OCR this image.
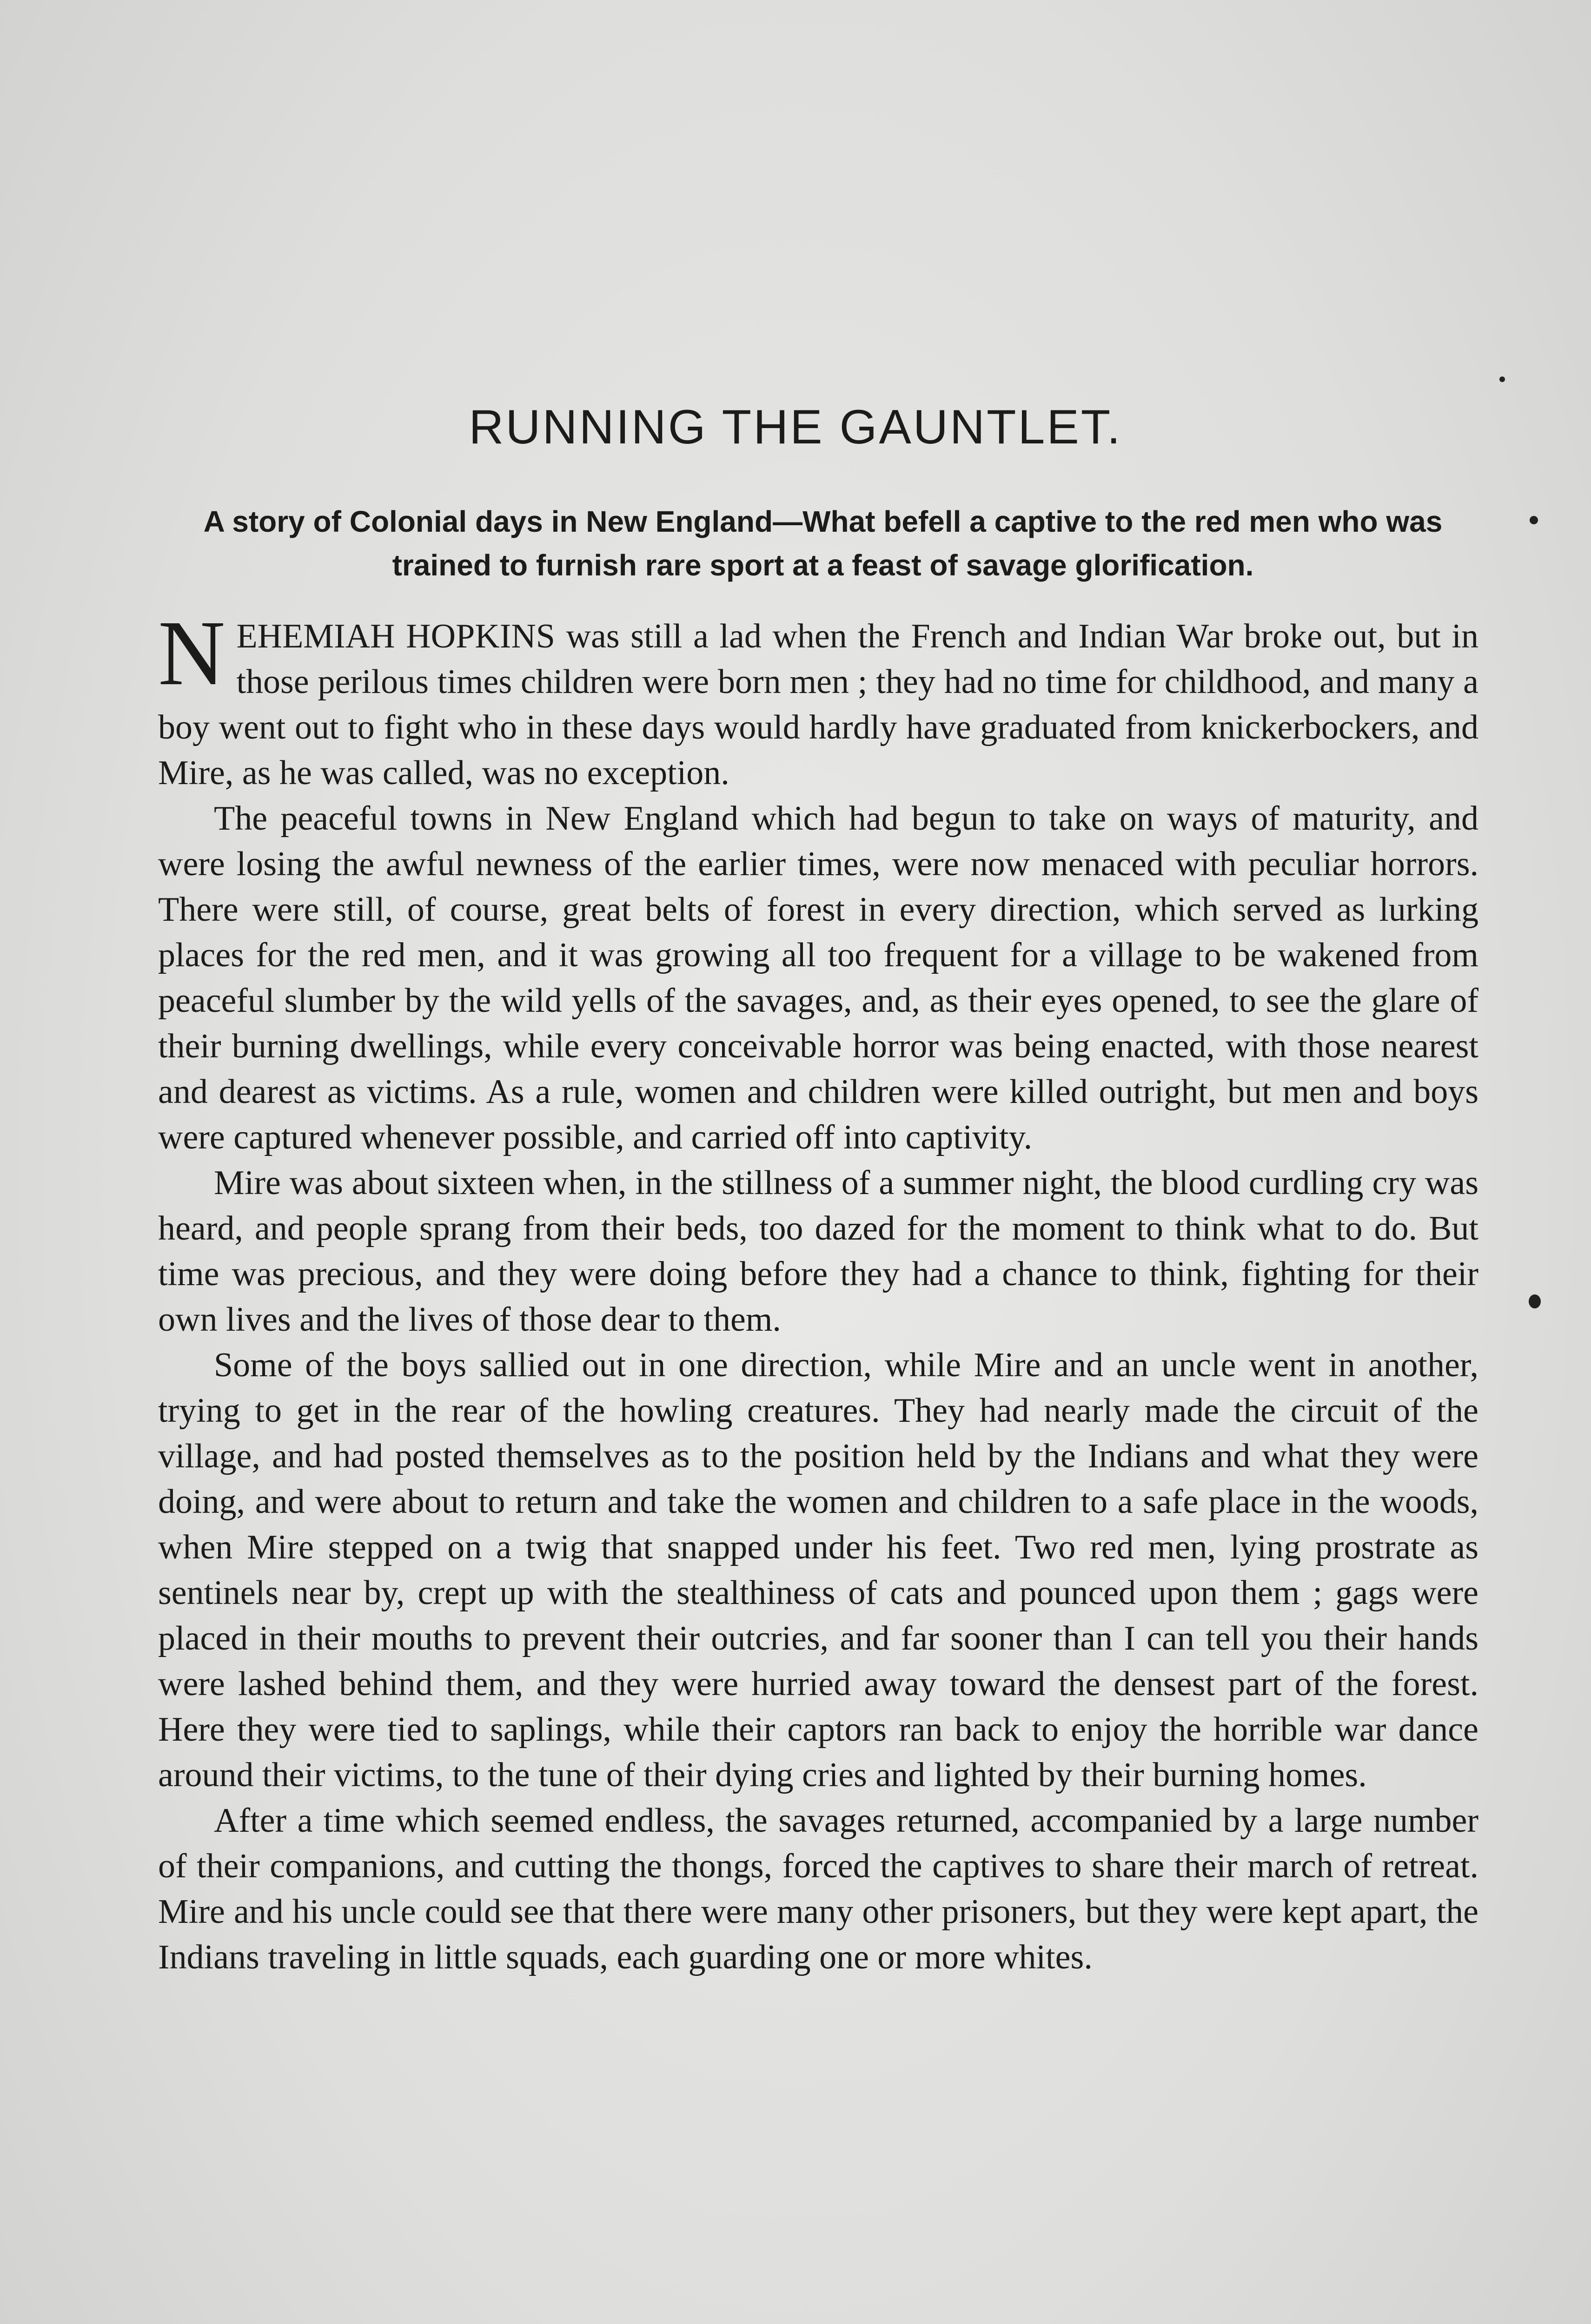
RUNNING THE GAUNTLET.
A story of Colonial days in New England—What befell a captive to the red men who was trained to furnish rare sport at a feast of savage glorification.

NEHEMIAH HOPKINS was still a lad when the French and Indian War broke out, but in those perilous times children were born men ; they had no time for childhood, and many a boy went out to fight who in these days would hardly have graduated from knickerbockers, and Mire, as he was called, was no exception.

The peaceful towns in New England which had begun to take on ways of maturity, and were losing the awful newness of the earlier times, were now menaced with peculiar horrors. There were still, of course, great belts of forest in every direction, which served as lurking places for the red men, and it was growing all too frequent for a village to be wakened from peaceful slumber by the wild yells of the savages, and, as their eyes opened, to see the glare of their burning dwellings, while every conceivable horror was being enacted, with those nearest and dearest as victims. As a rule, women and children were killed outright, but men and boys were captured whenever possible, and carried off into captivity.

Mire was about sixteen when, in the stillness of a summer night, the blood curdling cry was heard, and people sprang from their beds, too dazed for the moment to think what to do. But time was precious, and they were doing before they had a chance to think, fighting for their own lives and the lives of those dear to them.

Some of the boys sallied out in one direction, while Mire and an uncle went in another, trying to get in the rear of the howling creatures. They had nearly made the circuit of the village, and had posted themselves as to the position held by the Indians and what they were doing, and were about to return and take the women and children to a safe place in the woods, when Mire stepped on a twig that snapped under his feet. Two red men, lying prostrate as sentinels near by, crept up with the stealthiness of cats and pounced upon them ; gags were placed in their mouths to prevent their outcries, and far sooner than I can tell you their hands were lashed behind them, and they were hurried away toward the densest part of the forest. Here they were tied to saplings, while their captors ran back to enjoy the horrible war dance around their victims, to the tune of their dying cries and lighted by their burning homes.

After a time which seemed endless, the savages returned, accompanied by a large number of their companions, and cutting the thongs, forced the captives to share their march of retreat. Mire and his uncle could see that there were many other prisoners, but they were kept apart, the Indians traveling in little squads, each guarding one or more whites.
